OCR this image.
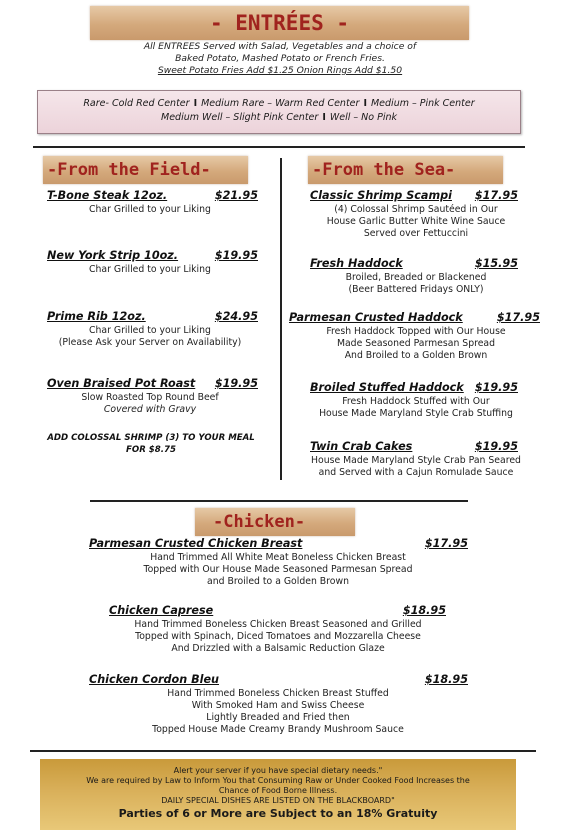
- ENTRÉES -
All ENTREES Served with Salad, Vegetables and a choice of
Baked Potato, Mashed Potato or French Fries.
Sweet Potato Fries Add $1.25 Onion Rings Add $1.50
Rare- Cold Red Center I Medium Rare – Warm Red Center I Medium – Pink Center
Medium Well – Slight Pink Center I Well – No Pink
-From the Field-
T-Bone Steak 12oz.	$21.95
Char Grilled to your Liking
New York Strip 10oz.	$19.95
Char Grilled to your Liking
Prime Rib 12oz.	$24.95
Char Grilled to your Liking
(Please Ask your Server on Availability)
Oven Braised Pot Roast	$19.95
Slow Roasted Top Round Beef
Covered with Gravy
ADD COLOSSAL SHRIMP (3) TO YOUR MEAL
FOR $8.75
-From the Sea-
Classic Shrimp Scampi	$17.95
(4) Colossal Shrimp Sautéed in Our
House Garlic Butter White Wine Sauce
Served over Fettuccini
Fresh Haddock	$15.95
Broiled, Breaded or Blackened
(Beer Battered Fridays ONLY)
Parmesan Crusted Haddock	$17.95
Fresh Haddock Topped with Our House
Made Seasoned Parmesan Spread
And Broiled to a Golden Brown
Broiled Stuffed Haddock $19.95
Fresh Haddock Stuffed with Our
House Made Maryland Style Crab Stuffing
Twin Crab Cakes	$19.95
House Made Maryland Style Crab Pan Seared
and Served with a Cajun Romulade Sauce
-Chicken-
Parmesan Crusted Chicken Breast	$17.95
Hand Trimmed All White Meat Boneless Chicken Breast
Topped with Our House Made Seasoned Parmesan Spread
and Broiled to a Golden Brown
Chicken Caprese	$18.95
Hand Trimmed Boneless Chicken Breast Seasoned and Grilled
Topped with Spinach, Diced Tomatoes and Mozzarella Cheese
And Drizzled with a Balsamic Reduction Glaze
Chicken Cordon Bleu	$18.95
Hand Trimmed Boneless Chicken Breast Stuffed
With Smoked Ham and Swiss Cheese
Lightly Breaded and Fried then
Topped House Made Creamy Brandy Mushroom Sauce
Alert your server if you have special dietary needs."
We are required by Law to Inform You that Consuming Raw or Under Cooked Food Increases the
Chance of Food Borne Illness.
DAILY SPECIAL DISHES ARE LISTED ON THE BLACKBOARD"
Parties of 6 or More are Subject to an 18% Gratuity
